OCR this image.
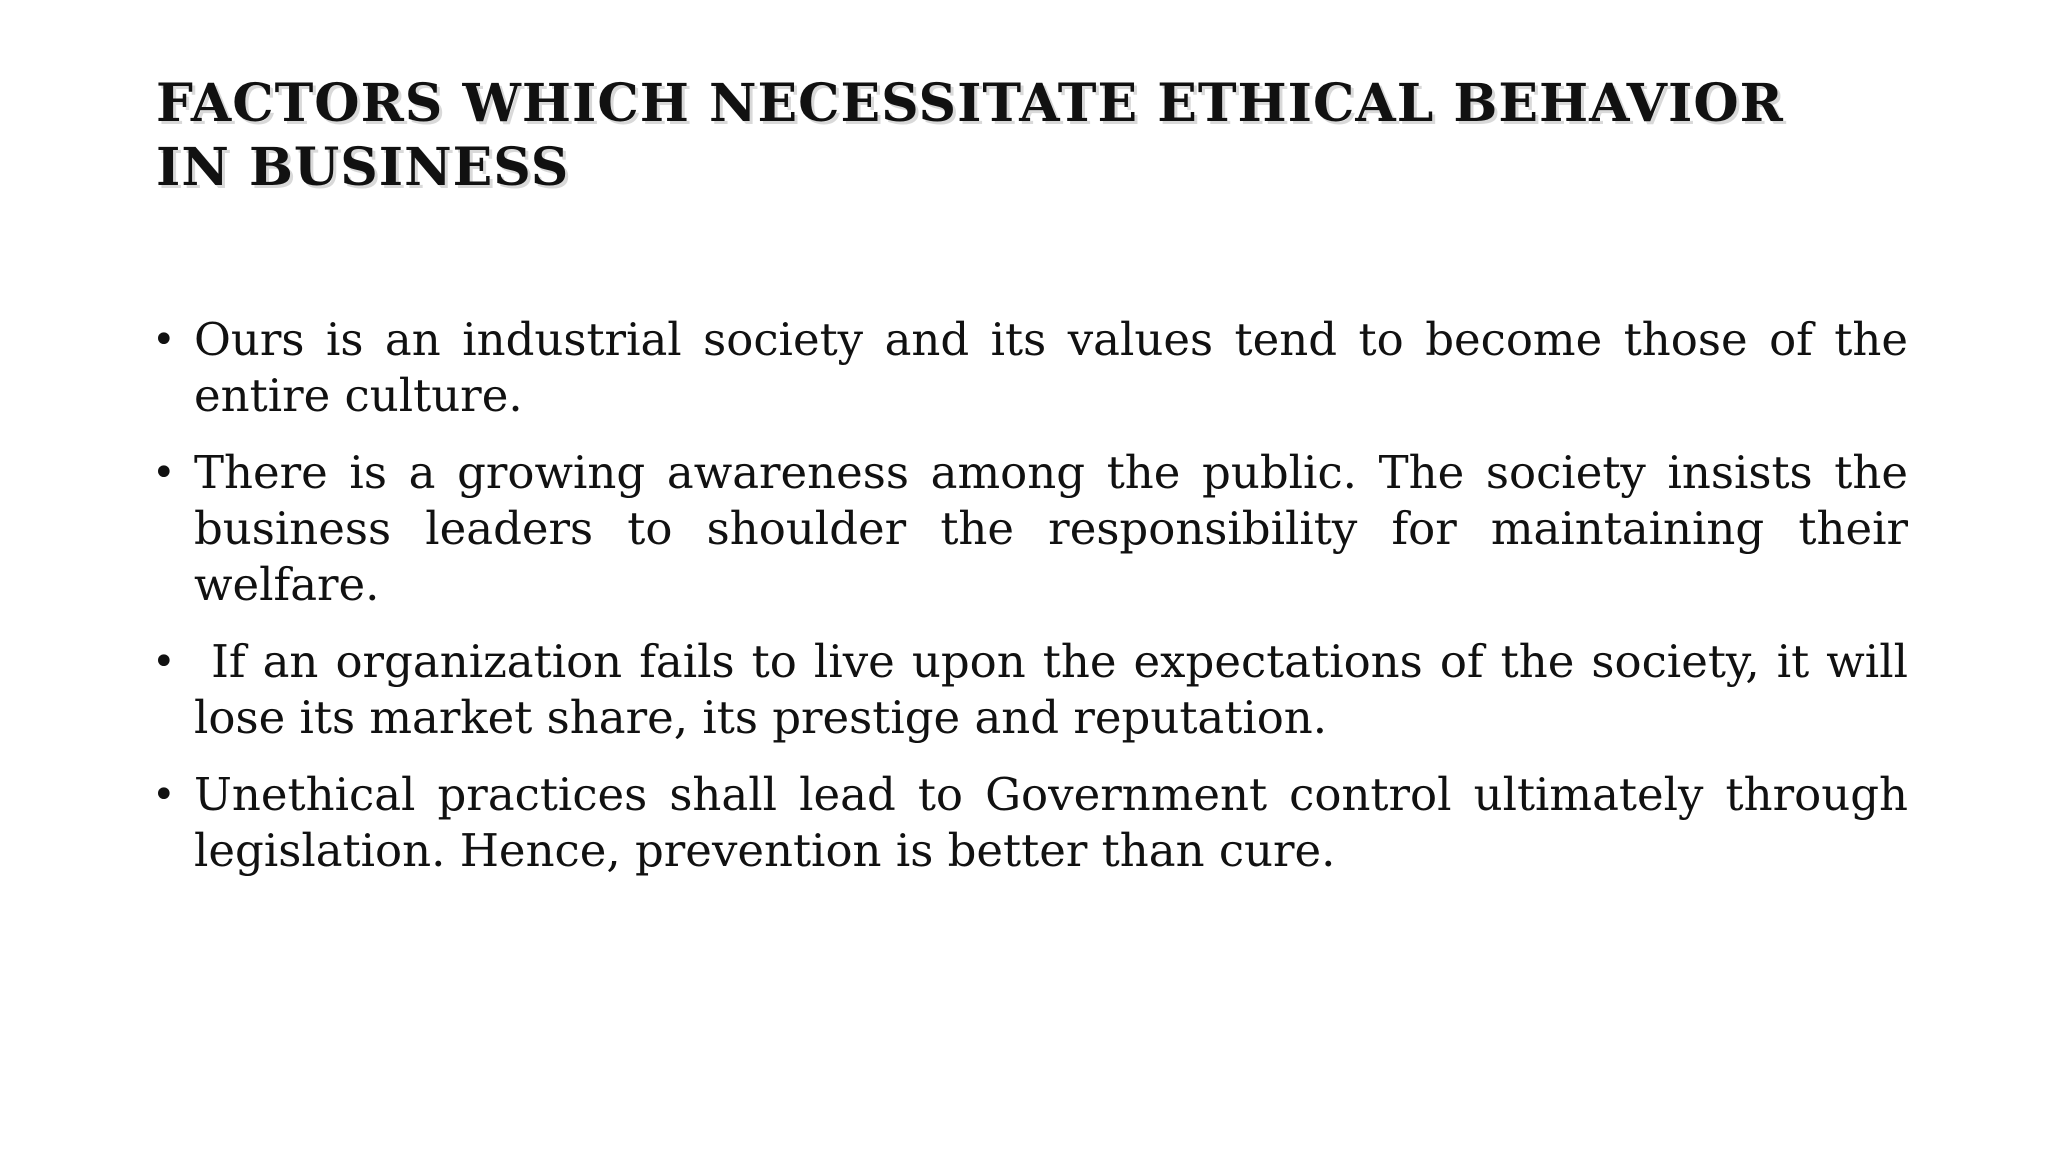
FACTORS WHICH NECESSITATE ETHICAL BEHAVIOR IN BUSINESS
• Ours is an industrial society and its values tend to become those of the entire culture.
• There is a growing awareness among the public. The society insists the business leaders to shoulder the responsibility for maintaining their welfare.
• If an organization fails to live upon the expectations of the society, it will lose its market share, its prestige and reputation.
• Unethical practices shall lead to Government control ultimately through legislation. Hence, prevention is better than cure.
